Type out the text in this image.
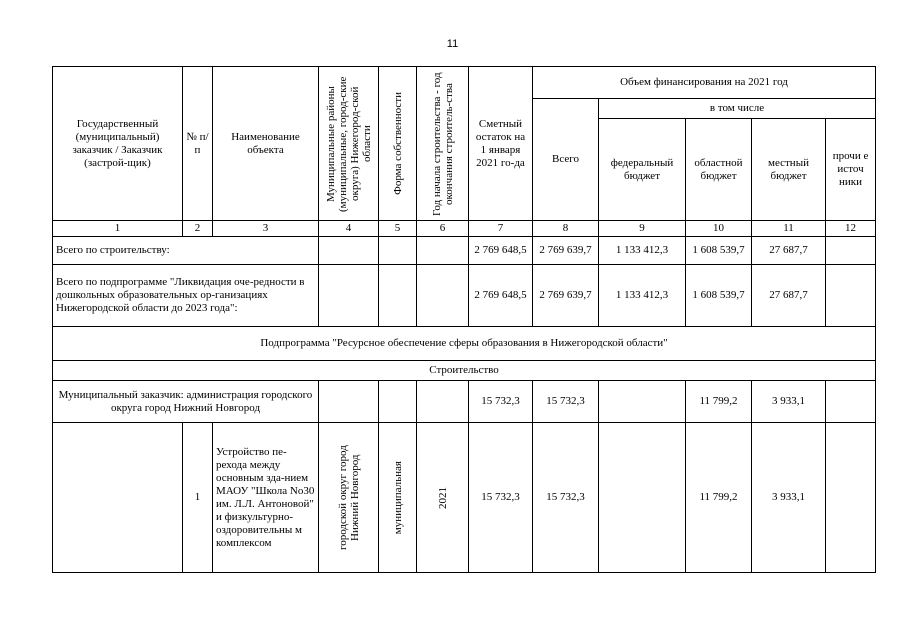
11
Государственный (муниципальный) заказчик / Заказчик (застрой-щик)	№ п/п	Наименование объекта	Муниципальные районы (муниципальные, город-ские округа) Нижегород-ской области	Форма собственности	Год начала строительства - год окончания строитель-ства	Сметный остаток на 1 января 2021 го-да	Объем финансирования на 2021 год				
							Всего	в том числе			
								федеральный бюджет	областной бюджет	местный бюджет	прочи е источ ники
1	2	3	4	5	6	7	8	9	10	11	12
Всего по строительству:						2 769 648,5	2 769 639,7	1 133 412,3	1 608 539,7	27 687,7	
Всего по подпрограмме "Ликвидация оче-редности в дошкольных образовательных ор-ганизациях Нижегородской области до 2023 года":						2 769 648,5	2 769 639,7	1 133 412,3	1 608 539,7	27 687,7	
Подпрограмма "Ресурсное обеспечение сферы образования в Нижегородской области"											
Строительство											
Муниципальный заказчик: администрация городского округа город Нижний Новгород						15 732,3	15 732,3		11 799,2	3 933,1	
	1	Устройство пе-рехода между основным зда-нием МАОУ "Школа No30 им. Л.Л. Антоновой" и физкультурно-оздоровительны м комплексом	городской округ город Нижний Новгород	муниципальная	2021	15 732,3	15 732,3		11 799,2	3 933,1	
